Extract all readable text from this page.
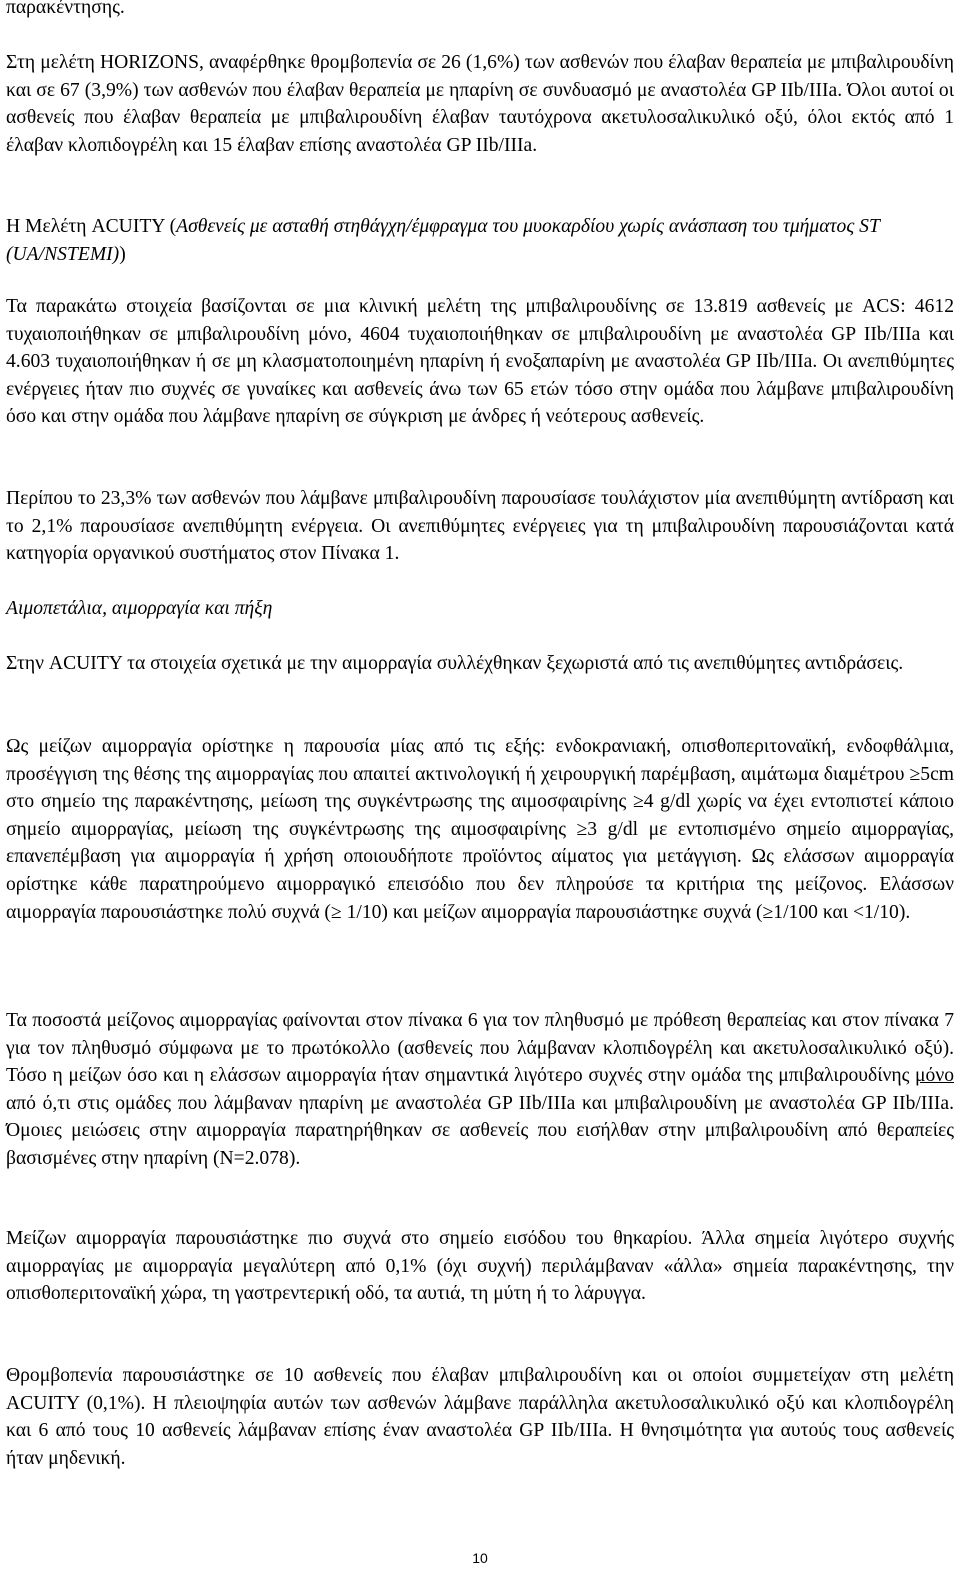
παρακέντησης.

Στη μελέτη HORIZONS, αναφέρθηκε θρομβοπενία σε 26 (1,6%) των ασθενών που έλαβαν θεραπεία με μπιβαλιρουδίνη και σε 67 (3,9%) των ασθενών που έλαβαν θεραπεία με ηπαρίνη σε συνδυασμό με αναστολέα GP IIb/IIIa. Όλοι αυτοί οι ασθενείς που έλαβαν θεραπεία με μπιβαλιρουδίνη έλαβαν ταυτόχρονα ακετυλοσαλικυλικό οξύ, όλοι εκτός από 1 έλαβαν κλοπιδογρέλη και 15 έλαβαν επίσης αναστολέα GP IIb/IIIa.

Η Μελέτη ACUITY (Ασθενείς με ασταθή στηθάγχη/έμφραγμα του μυοκαρδίου χωρίς ανάσπαση του τμήματος ST (UA/NSTEMI))

Τα παρακάτω στοιχεία βασίζονται σε μια κλινική μελέτη της μπιβαλιρουδίνης σε 13.819 ασθενείς με ACS: 4612 τυχαιοποιήθηκαν σε μπιβαλιρουδίνη μόνο, 4604 τυχαιοποιήθηκαν σε μπιβαλιρουδίνη με αναστολέα GP IIb/IIIa και 4.603 τυχαιοποιήθηκαν ή σε μη κλασματοποιημένη ηπαρίνη ή ενοξαπαρίνη με αναστολέα GP IIb/IIIa. Οι ανεπιθύμητες ενέργειες ήταν πιο συχνές σε γυναίκες και ασθενείς άνω των 65 ετών τόσο στην ομάδα που λάμβανε μπιβαλιρουδίνη όσο και στην ομάδα που λάμβανε ηπαρίνη σε σύγκριση με άνδρες ή νεότερους ασθενείς.

Περίπου το 23,3% των ασθενών που λάμβανε μπιβαλιρουδίνη παρουσίασε τουλάχιστον μία ανεπιθύμητη αντίδραση και το 2,1% παρουσίασε ανεπιθύμητη ενέργεια. Οι ανεπιθύμητες ενέργειες για τη μπιβαλιρουδίνη παρουσιάζονται κατά κατηγορία οργανικού συστήματος στον Πίνακα 1.

Αιμοπετάλια, αιμορραγία και πήξη

Στην ACUITY τα στοιχεία σχετικά με την αιμορραγία συλλέχθηκαν ξεχωριστά από τις ανεπιθύμητες αντιδράσεις.

Ως μείζων αιμορραγία ορίστηκε η παρουσία μίας από τις εξής: ενδοκρανιακή, οπισθοπεριτοναϊκή, ενδοφθάλμια, προσέγγιση της θέσης της αιμορραγίας που απαιτεί ακτινολογική ή χειρουργική παρέμβαση, αιμάτωμα διαμέτρου ≥5cm στο σημείο της παρακέντησης, μείωση της συγκέντρωσης της αιμοσφαιρίνης ≥4 g/dl χωρίς να έχει εντοπιστεί κάποιο σημείο αιμορραγίας, μείωση της συγκέντρωσης της αιμοσφαιρίνης ≥3 g/dl με εντοπισμένο σημείο αιμορραγίας, επανεπέμβαση για αιμορραγία ή χρήση οποιουδήποτε προϊόντος αίματος για μετάγγιση. Ως ελάσσων αιμορραγία ορίστηκε κάθε παρατηρούμενο αιμορραγικό επεισόδιο που δεν πληρούσε τα κριτήρια της μείζονος. Ελάσσων αιμορραγία παρουσιάστηκε πολύ συχνά (≥ 1/10) και μείζων αιμορραγία παρουσιάστηκε συχνά (≥1/100 και <1/10).

Τα ποσοστά μείζονος αιμορραγίας φαίνονται στον πίνακα 6 για τον πληθυσμό με πρόθεση θεραπείας και στον πίνακα 7 για τον πληθυσμό σύμφωνα με το πρωτόκολλο (ασθενείς που λάμβαναν κλοπιδογρέλη και ακετυλοσαλικυλικό οξύ). Τόσο η μείζων όσο και η ελάσσων αιμορραγία ήταν σημαντικά λιγότερο συχνές στην ομάδα της μπιβαλιρουδίνης μόνο από ό,τι στις ομάδες που λάμβαναν ηπαρίνη με αναστολέα GP IIb/IIIa και μπιβαλιρουδίνη με αναστολέα GP IIb/IIIa. Όμοιες μειώσεις στην αιμορραγία παρατηρήθηκαν σε ασθενείς που εισήλθαν στην μπιβαλιρουδίνη από θεραπείες βασισμένες στην ηπαρίνη (N=2.078).

Μείζων αιμορραγία παρουσιάστηκε πιο συχνά στο σημείο εισόδου του θηκαρίου. Άλλα σημεία λιγότερο συχνής αιμορραγίας με αιμορραγία μεγαλύτερη από 0,1% (όχι συχνή) περιλάμβαναν «άλλα» σημεία παρακέντησης, την οπισθοπεριτοναϊκή χώρα, τη γαστρεντερική οδό, τα αυτιά, τη μύτη ή το λάρυγγα.

Θρομβοπενία παρουσιάστηκε σε 10 ασθενείς που έλαβαν μπιβαλιρουδίνη και οι οποίοι συμμετείχαν στη μελέτη ACUITY (0,1%). Η πλειοψηφία αυτών των ασθενών λάμβανε παράλληλα ακετυλοσαλικυλικό οξύ και κλοπιδογρέλη και 6 από τους 10 ασθενείς λάμβαναν επίσης έναν αναστολέα GP IIb/IIIa. Η θνησιμότητα για αυτούς τους ασθενείς ήταν μηδενική.

10
